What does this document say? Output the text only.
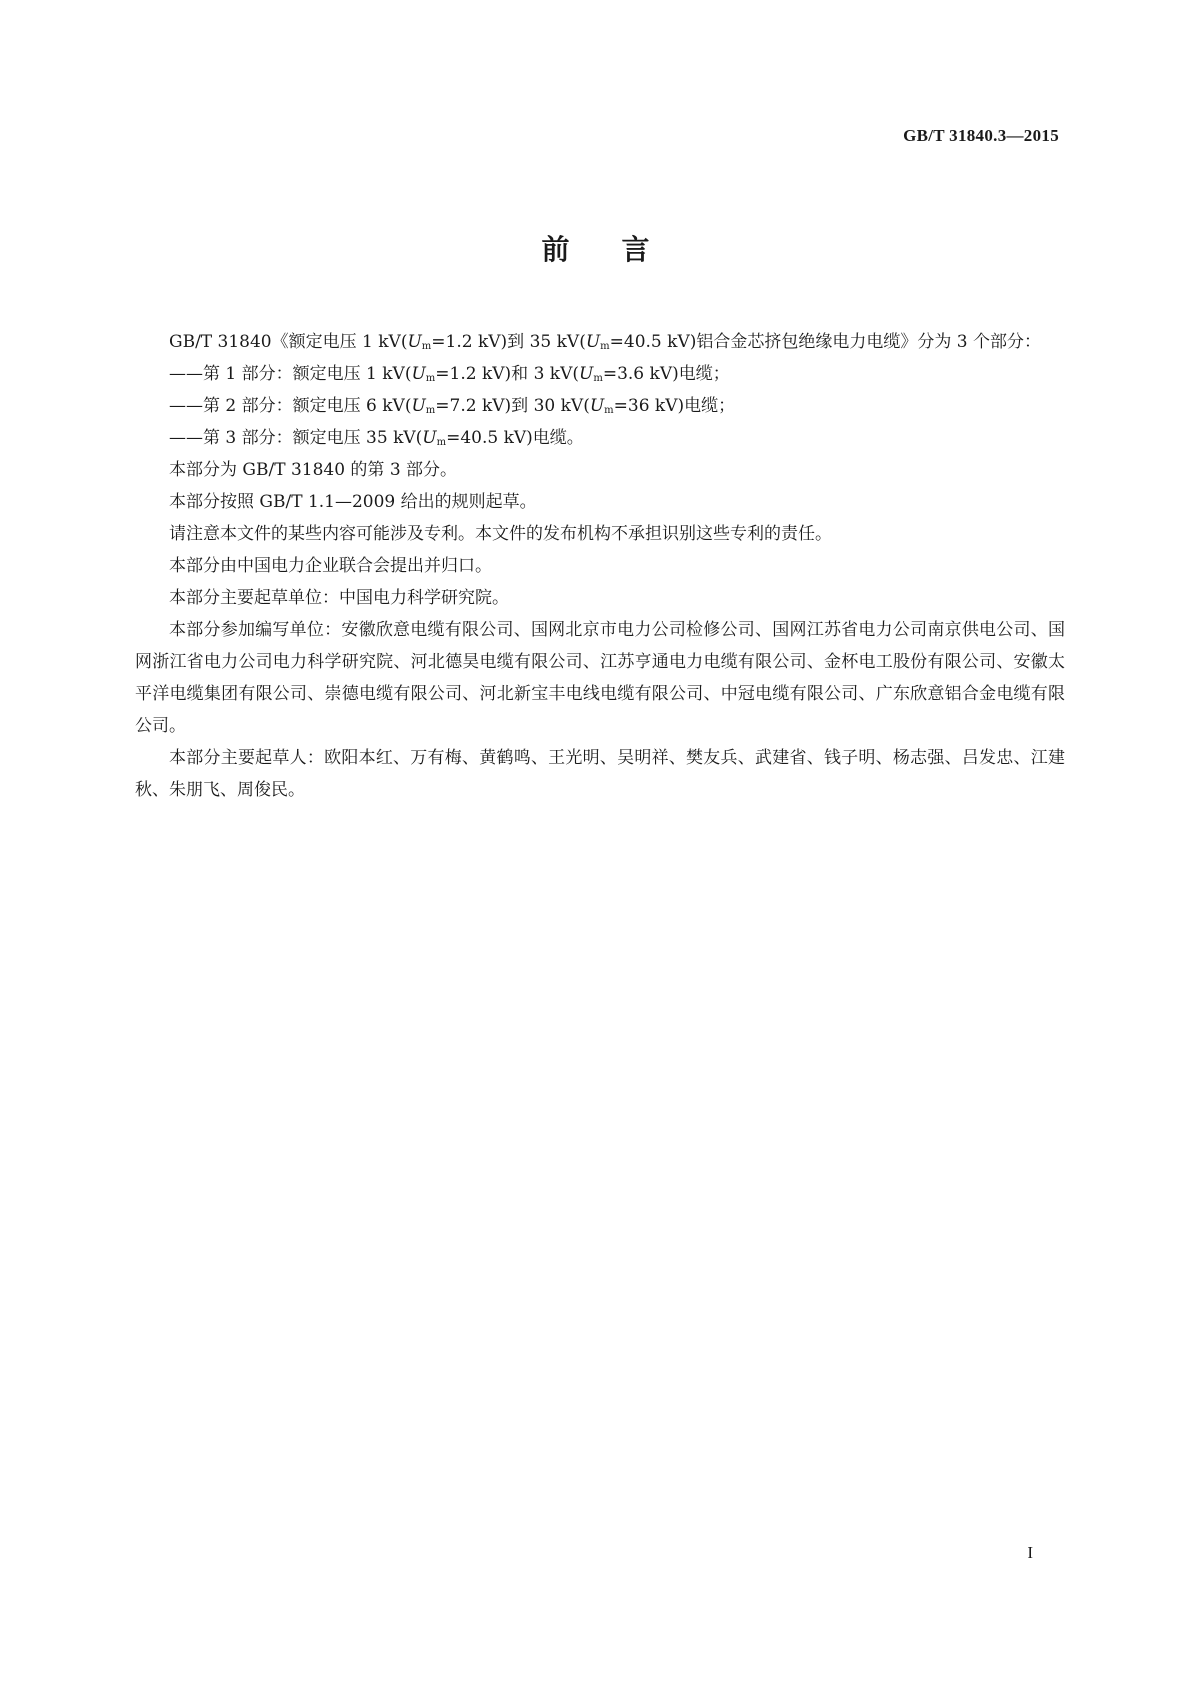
GB/T 31840.3—2015
前言

GB/T 31840《额定电压 1 $kV(U_m=1.2$ kV)到 35 $kV(U_m=40.5$ kV)铝合金芯挤包绝缘电力电缆》分为 3 个部分：

——第 1 部分：额定电压 1 $kV(U_m=1.2$ kV)和 3 $kV(U_m=3.6$ kV)电缆；

——第 2 部分：额定电压 6 $kV(U_m=7.2$ kV)到 30 $kV(U_m=36$ kV)电缆；

——第 3 部分：额定电压 35 $kV(U_m=40.5$ kV)电缆。

本部分为 GB/T 31840 的第 3 部分。

本部分按照 GB/T 1.1—2009 给出的规则起草。

请注意本文件的某些内容可能涉及专利。本文件的发布机构不承担识别这些专利的责任。

本部分由中国电力企业联合会提出并归口。

本部分主要起草单位：中国电力科学研究院。

本部分参加编写单位：安徽欣意电缆有限公司、国网北京市电力公司检修公司、国网江苏省电力公司南京供电公司、国网浙江省电力公司电力科学研究院、河北德昊电缆有限公司、江苏亨通电力电缆有限公司、金杯电工股份有限公司、安徽太平洋电缆集团有限公司、崇德电缆有限公司、河北新宝丰电线电缆有限公司、中冠电缆有限公司、广东欣意铝合金电缆有限公司。

本部分主要起草人：欧阳本红、万有梅、黄鹤鸣、王光明、吴明祥、樊友兵、武建省、钱子明、杨志强、吕发忠、江建秋、朱朋飞、周俊民。

I
